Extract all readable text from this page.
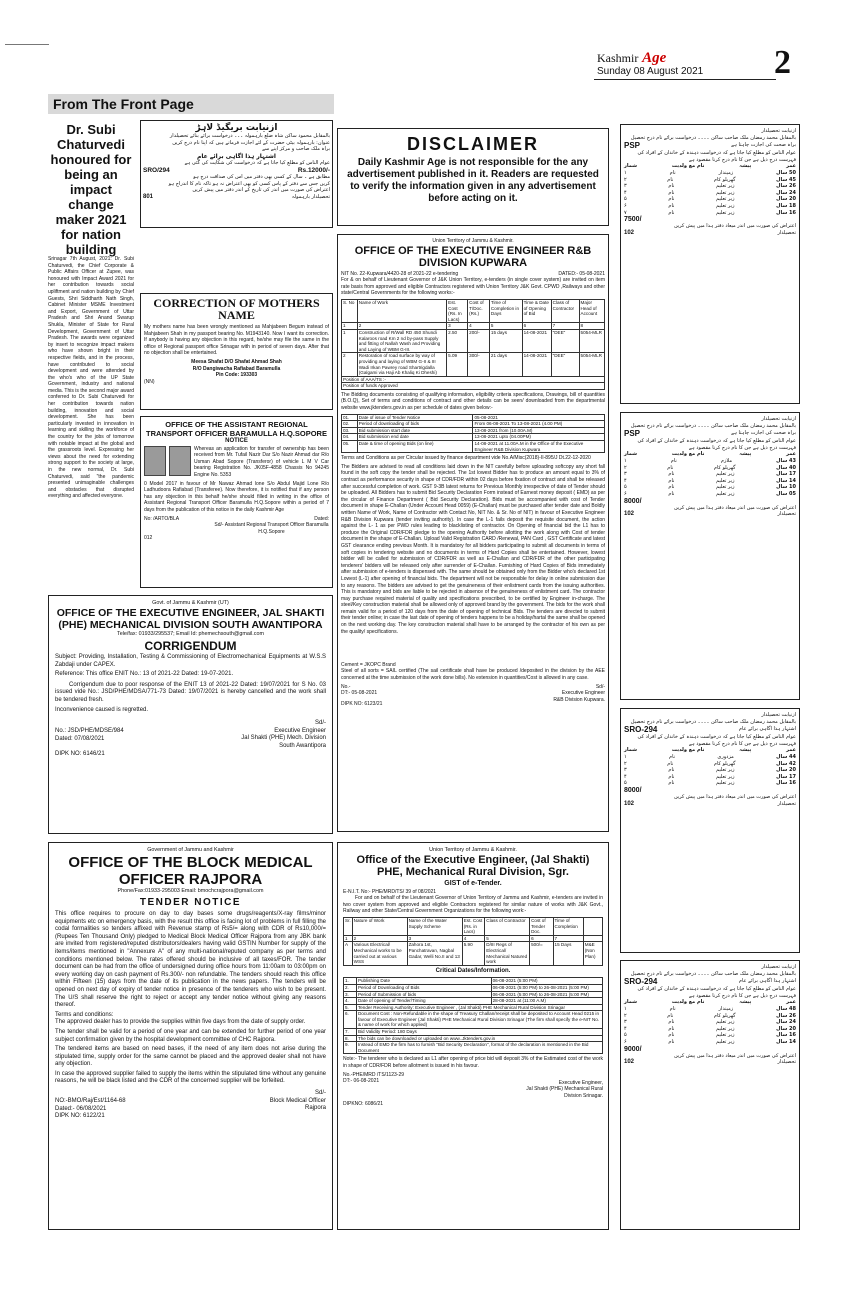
Kashmir Age
Sunday 08 August 2021 2
From The Front Page
Dr. Subi Chaturvedi honoured for being an impact change maker 2021 for nation building
Srinagar 7th August, 2021: Dr. Subi Chaturvedi, the Chief Corporate & Public Affairs Officer at Zupee, was honoured with Impact Award 2021 for her contribution towards social upliftment and nation building by Chief Guests, Shri Siddharth Nath Singh, Cabinet Minister MSME Investment and Export, Government of Uttar Pradesh and Shri Anand Swarup Shukla, Minister of State for Rural Development, Government of Uttar Pradesh. The awards were organized by insert to recognize impact makers who have shown bright in their respective fields, and in the process, have contributed to social development and were attended by the who's who of the UP State Government, industry and national media. This is the second major award conferred to Dr. Subi Chaturvedi for her contribution towards nation building, innovation and social development. She has been particularly invested in innovation in learning and skilling the workforce of the country for the jobs of tomorrow with notable impact at the global and the grassroots level. Expressing her views about the need for extending strong support to the society at large, in the new normal, Dr. Subi Chaturvedi, said "the pandemic presented unimaginable challenges and obstacles that disrupted everything and affected everyone.
ازنیابت بریگیڈ لاہڑ
بالمقابل محمود ساکن شاہ ضلع بارہمولہ ۔۔۔ درخواست برائے بنائے تحصیلدار
عنوان: بارہمولہ بیٹی حضرت کے لئے اجازت فرماتے ہیں کہ اپنا نام درج کریں
براہ ملک صاحب و مرکز اپنے سے
اشتہار ہذا اگاہی برائے عام
عوام الناس کو مطلع کیا جاتا ہے کہ درخواست کی شکایت کی گئی ہے
SRO/294	Rs.12000/-
مطابق ہے ۔ سال کے کسی بھی دفتر میں اس کی صداقت درج ہو
کریں جس سے دفتر کے پاس کسی کو بھی اعتراض نہ ہو تاکہ نام کا اندراج ہو
اعتراض کی صورت میں اندر کی تاریخ کے اندر دفتر میں پیش کریں
801	تحصیلدار بارہمولہ
CORRECTION OF MOTHERS NAME
My mothers name has been wrongly mentioned as Mahjabeen Begum instead of Mahjabeen Shah in my passport bearing No. M1943140. Now I want its correction. If anybody is having any objection in this regard, he/she may file the same in the office of Regional passport office Srinagar with in period of seven days. After that no objection shall be entertained.
Meesa Shafat D/O Shafat Ahmad Shah
R/O Dangiwacha Rafiabad Baramulla
Pin Code: 193303
(NN)
OFFICE OF THE ASSISTANT REGIONAL TRANSPORT OFFICER BARAMULLA H.Q.SOPORE
NOTICE
Whereas an application for transfer of ownership has been received from Mr. Tufail Nazir Dar S/o Nazir Ahmad dar R/o Usman Abad Sopore (Transferor) of vehicle L M V Car bearing Registration No. JK05F-4858 Chassis No 94245 Engine No. 5353
0 Model 2017 in favour of Mr Nawaz Ahmad lone S/o Abdul Majid Lone R/o Ladhudoora Rafiabad (Transferee). Now therefore, it is notified that if any person has any objection in this behalf he/she should filled in writing in the office of Assistant Regional Transport Officer Baramulla H.Q.Sopore within a period of 7 days from the publication of this notice in the daily Kashmir Age
No: /ARTO/BLA	Dated:
Sd/- Assistant Regional Transport Officer Baramulla H.Q.Sopore
012
DISCLAIMER
Daily Kashmir Age is not responsible for the any advertisement published in it. Readers are requested to verify the information given in any advertisement before acting on it.
Union Territory of Jammu & Kashmir.
OFFICE OF THE EXECUTIVE ENGINEER R&B DIVISION KUPWARA
NIT No. 22-Kupwara/4420-28 of 2021-22 e-tendering	DATED:- 05-08-2021
For & on behalf of Lieutenant Governor of J&K Union Territory, e-tenders (in single cover system) are invited on item rate basis from approved and eligible Contractors registered with Union Territory J&K Govt. CPWD ,Railways and other state/Central Governments for the following works:-
S. No	Name of Work	Est. Cost (Rs. In Lacs)	Cost of T/Doc. (Rs.)	Time of Completion in Days	Time & Date of Opening of Bid	Class of Contractor	Major Head of Account
1	2	3	4	5	6	7	8
1	Construction of R/Wall RD 450 Shundi Kalaroos road Km 2 nd by-pass Supply and fitting of Nallah Wash and Providing and Laying of WBM G-III.	2.50	200/-	15 days	14-08-2021	"DEE"	5054-MLR
2	Restoration of road surface by way of providing and laying of WBM G-II & III Wadi Irkan Pawrey road Shartrigdalla (Galgami via Haji Ab Khaliq Ki Dheshi)	5.09	300/-	21 days	14-08-2021	"DEE"	5054-MLR
Position of AAA/TS :-							
Position of funds Approved							
The Bidding documents consisting of qualifying information, eligibility criteria specifications, Drawings, bill of quantities (B.O.Q), Set of terms and conditions of contract and other details can be seen/ downloaded from the departmental website www.jktenders.gov.in as per schedule of dates given below:-
01.	Date of issue of Tender Notice	05-08-2021
02.	Period of downloading of bids	From 06-08-2021 To 13-08-2021 (4.00 PM)
03.	Bid submission start date	13-08-2021 from (10.00A.M)
04.	Bid submission end date	13-08-2021 upto (04.00PM)
05.	Date & time of opening Bids (on line)	14-08-2021 at 11.00A.M in the Office of the Executive Engineer R&B Division Kupwara
Terms and Conditions as per Circular issued by finance department vide No.A/Misc(2018)-II-895/J Dt.22-12-2020
The Bidders are advised to read all conditions laid down in the NIT carefully before uploading softcopy any short fall found in the soft copy the tender shall be rejected. The 1st lowest Bidder has to produce an amount equal to 3% of contract as performance security in shape of CDR/FDR within 02 days before fixation of contract and shall be released after successful completion of work. GST 9-3B latest returns for Previous Monthly irrespective of date of Tender should be uploaded. All Bidders has to submit Bid Security Declaration Form instead of Earnest money deposit ( EMD) as per the circular of Finance Department ( Bid Security Declaration). Bids must be accompanied with cost of Tender document in shape E-Challan (Under Account Head 0059) (E-Challan) must be purchased after tender date and Boldly written Name of Work, Name of Contractor with Contact No, NIT No. & Sr. No of NIT) in favour of Executive Engineer R&B Division Kupwara (tender inviting authority). In case the L-1 fails deposit the requisite document, the action against the L- 1 as per PWD rules leading to blacklisting of contractor. On Opening of financial bid the L1 has to produce the Original CDR/FDR pledge to the opening Authority before allotting the work along with Cost of tender document in the shape of E-Challan. Upload Valid Registration CARD /Renewal, PAN Card , GST Certificate and latest GST clearance ending previous Month. It is mandatory for all bidders participating to submit all documents in terms of soft copies in tendering website and no documents in terms of Hard Copies shall be entertained. However, lowest bidder will be called for submission of CDR/FDR as well as E-Challan and CDR/FDR of the other participating tenderers' bidders will be released only after surrender of E-Challan. Furnishing of Hard Copies of Bids immediately after submission of e-tenders is dispensed with. The same should be obtained only from the Bidder who's declared 1st Lowest (L-1) after opening of financial bids. The department will not be responsible for delay in online submission due to any reasons. The bidders are advised to get the genuineness of their enlistment cards from the issuing authorities. This is mandatory and bids are liable to be rejected in absence of the genuineness of enlistment card. The contractor may purchase required material of quality and specifications prescribed, to be certified by Engineer in-charge. The steel/Key construction material shall be allowed only of approved brand by the government. The bids for the work shall remain valid for a period of 120 days from the date of opening of technical Bids. The tenders are directed to submit their tender online; in case the last date of opening of tenders happens to be a holiday/hartal the same shall be opened on the next working day. The key construction material shall have to be arranged by the contractor of his own as per the quality/ specifications.
Cement = JKOPC Brand
Steel of all sorts = SAIL certified (The sail certificate shall have be produced /deposited in the division by the AEE concerned at the time submission of the work done bills). No extension in quantities/Cost is allowed in any case.
No.-
DT:- 05-08-2021
DIPK NO: 6123/21
Sd/-
Executive Engineer
R&B Division Kupwara.
Govt. of Jammu & Kashmir (UT)
OFFICE OF THE EXECUTIVE ENGINEER, JAL SHAKTI (PHE) MECHANICAL DIVISION SOUTH AWANTIPORA
Tele/fax: 01933/295537; Email Id: phemechsouth@gmail.com
CORRIGENDUM
Subject: Providing, Installation, Testing & Commissioning of Electromechanical Equipments at W.S.S Zabdaji under CAPEX.
Reference: This office ENIT No.: 13 of 2021-22 Dated: 19-07-2021.
Corrigendum due to poor response of the ENIT 13 of 2021-22 Dated: 19/07/2021 for S No. 03 issued vide No.: JSD/PHE/MDSA/771-73 Dated: 19/07/2021 is hereby cancelled and the work shall be tendered fresh.
Inconvenience caused is regretted.
No.: JSD/PHE/MDSE/984
Dated: 07/08/2021
DIPK NO: 6146/21
Sd/-
Executive Engineer
Jal Shakti (PHE) Mech. Division
South Awantipora
Government of Jammu and Kashmir
OFFICE OF THE BLOCK MEDICAL OFFICER RAJPORA
Phone/Fax:01933-295003 Email: bmochcrajpora@gmail.com
TENDER NOTICE
This office requires to procure on day to day bases some drugs/reagents/X-ray films/minor equipments etc on emergency basis, with the result this office is facing lot of problems in full filling the codal formalities so tenders affixed with Revenue stamp of Rs5/= along with CDR of Rs10,000/=(Rupees Ten Thousand Only) pledged to Medical Block Medical Officer Rajpora from any JBK bank are invited from registered/reputed distributors/dealers having valid GSTIN Number for supply of the items/items mentioned in "Annexure A" of any multi-national/reputed company as per terms and conditions mentioned below. The rates offered should be inclusive of all taxes/FOR. The tender document can be had from the office of undersigned during office hours from 11:00am to 03:00pm on every working day on cash payment of Rs.300/- non refundable. The tenders should reach this office within Fifteen (15) days from the date of its publication in the news papers. The tenders will be opened on next day of expiry of tender notice in presence of the tenderers who wish to be present. The U/S shall reserve the right to reject or accept any tender notice without giving any reasons thereof.
Terms and conditions:
The approved dealer has to provide the supplies within five days from the date of supply order.
The tender shall be valid for a period of one year and can be extended for further period of one year subject confirmation given by the hospital development committee of CHC Rajpora.
The tendered items are based on need bases, if the need of any item does not arise during the stipulated time, supply order for the same cannot be placed and the approved dealer shall not have any objection.
In case the approved supplier failed to supply the items within the stipulated time without any genuine reasons, he will be black listed and the CDR of the concerned supplier will be forfeited.
NO:-BMO/Raj/Est/1164-68
Dated:- 06/08/2021
DIPK NO: 6122/21
Sd/-
Block Medical Officer
Rajpora
Union Territory of Jammu & Kashmir.
Office of the Executive Engineer, (Jal Shakti) PHE, Mechanical Rural Division, Sgr.
GIST of e-Tender.
E-N.I.T. No:- PHE/MRD/TS/ 39 of 08/2021
For and on behalf of the Lieutenant Governor of Union Territory of Jammu and Kashmir, e-tenders are invited in two cover system from approved and eligible Contractors registered for similar nature of works with J&K Govt., Railway and other State/Central Government Organizations for the following work:-
Sr.	Nature of Work	Name of the Water Supply Scheme	Est. Cost (Rs. in Lacs)	Class of Contractor	Cost of Tender Doc.	Time of Completion	
1	2	3	4	5	6	7	
A	Various Electrical/ Mechanical works to be carried out at various WSS	Zahora 1st, Panchatravan, Nagbal Gadar, Welli No.II and 13	5.90	D/III Regs of Electrical/ Mechanical Natured work	500/=	15 Days	M&E (Non Plan)
Critical Dates/Information.
1.	Publishing Date	06-08-2021 (5:00 PM)
2.	Period of Downloading of Bids	06-08-2021 (5:00 PM) to 26-08-2021 (5:00 PM)
3.	Period of Submission of bids	06-08-2021 (5:00 PM) to 26-08-2021 (5:00 PM)
4.	Date of opening of Tender/Timing	28-08-2021 at (11:00 A.M)
5.	Tender Receiving Authority: Executive Engineer , (Jal Shakti) PHE Mechanical Rural Division Srinagar	
6.	Document Cost : Non-Refundable in the shape of Treasury Challan/receipt shall be deposited to Account Head 0215 in favour of Executive Engineer (Jal Shakti) PHE Mechanical Rural Division Srinagar (The firm shall specify the e-NIT No. & name of work for which applied)	
7.	Bid Validity Period: 180 Days	
8.	The bids can be downloaded or uploaded on www..Jktenders.gov.in	
9.	Instead of EMD the firm has to furnish "Bid Security Declaration", format of the declaration is mentioned in the Bid Document	
Note:- The tenderer who is declared as L1 after opening of price bid will deposit 3% of the Estimated cost of the work in shape of CDR/FDR before allotment is issued in his favour.
No.-PHE/MRD /TS/1123-29
DT:- 06-08-2021
DIPKNO: 6086/21
Executive Engineer,
Jal Shakti (PHE) Mechanical Rural
Division Srinagar.
ازنیابت تحصیلدار
بالمقابل محمد رمضان ملک صاحب ساکن ۔۔۔۔ درخواست برائے نام درج تحصیل
PSP	براہ صحت کی اجازت چاہتا ہے
عوام الناس کو مطلع کیا جاتا ہے کہ درخواست دہندہ کے خاندان کے افراد کی فہرست درج ذیل ہے جن کا نام درج کرنا مقصود ہے
شمار	نام مع ولدیت	پیشہ	عمر
۱	نام	زمیندار	50 سال
۲	نام	گھریلو کام	45 سال
۳	نام	زیر تعلیم	26 سال
۴	نام	زیر تعلیم	24 سال
۵	نام	زیر تعلیم	20 سال
۶	نام	زیر تعلیم	18 سال
۷	نام	زیر تعلیم	16 سال
7500/
اعتراض کی صورت میں اندر میعاد دفتر ہذا میں پیش کریں
102	تحصیلدار
ازنیابت تحصیلدار
بالمقابل محمد رمضان ملک صاحب ساکن ۔۔۔۔ درخواست برائے نام درج تحصیل
PSP	براہ صحت کی اجازت چاہتا ہے
عوام الناس کو مطلع کیا جاتا ہے کہ درخواست دہندہ کے خاندان کے افراد کی فہرست درج ذیل ہے جن کا نام درج کرنا مقصود ہے
شمار	نام مع ولدیت	پیشہ	عمر
۱	نام	ملازم	43 سال
۲	نام	گھریلو کام	40 سال
۳	نام	زیر تعلیم	17 سال
۴	نام	زیر تعلیم	14 سال
۵	نام	زیر تعلیم	10 سال
۶	نام	زیر تعلیم	05 سال
8000/
اعتراض کی صورت میں اندر میعاد دفتر ہذا میں پیش کریں
102	تحصیلدار
ازنیابت تحصیلدار
بالمقابل محمد رمضان ملک صاحب ساکن ۔۔۔۔ درخواست برائے نام درج تحصیل
SRO-294	اشتہار ہذا اگاہی برائے عام
عوام الناس کو مطلع کیا جاتا ہے کہ درخواست دہندہ کے خاندان کے افراد کی فہرست درج ذیل ہے جن کا نام درج کرنا مقصود ہے
شمار	نام مع ولدیت	پیشہ	عمر
۱	نام	مزدوری	44 سال
۲	نام	گھریلو کام	42 سال
۳	نام	زیر تعلیم	20 سال
۴	نام	زیر تعلیم	17 سال
۵	نام	زیر تعلیم	16 سال
8000/
اعتراض کی صورت میں اندر میعاد دفتر ہذا میں پیش کریں
102	تحصیلدار
ازنیابت تحصیلدار
بالمقابل محمد رمضان ملک صاحب ساکن ۔۔۔۔ درخواست برائے نام درج تحصیل
SRO-294	اشتہار ہذا اگاہی برائے عام
عوام الناس کو مطلع کیا جاتا ہے کہ درخواست دہندہ کے خاندان کے افراد کی فہرست درج ذیل ہے جن کا نام درج کرنا مقصود ہے
شمار	نام مع ولدیت	پیشہ	عمر
۱	نام	زمیندار	48 سال
۲	نام	گھریلو کام	26 سال
۳	نام	زیر تعلیم	24 سال
۴	نام	زیر تعلیم	20 سال
۵	نام	زیر تعلیم	16 سال
۶	نام	زیر تعلیم	14 سال
9000/
اعتراض کی صورت میں اندر میعاد دفتر ہذا میں پیش کریں
102	تحصیلدار
